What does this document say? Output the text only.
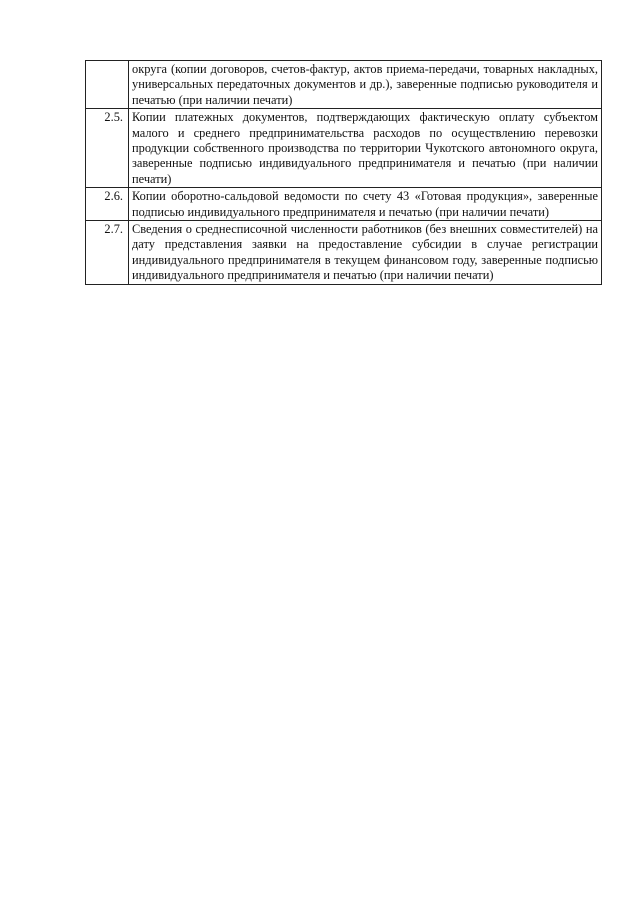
	округа (копии договоров, счетов-фактур, актов приема-передачи, товарных накладных, универсальных передаточных документов и др.), заверенные подписью руководителя и печатью (при наличии печати)
2.5.	Копии платежных документов, подтверждающих фактическую оплату субъектом малого и среднего предпринимательства расходов по осуществлению перевозки продукции собственного производства по территории Чукотского автономного округа, заверенные подписью индивидуального предпринимателя и печатью (при наличии печати)
2.6.	Копии оборотно-сальдовой ведомости по счету 43 «Готовая продукция», заверенные подписью индивидуального предпринимателя и печатью (при наличии печати)
2.7.	Сведения о среднесписочной численности работников (без внешних совместителей) на дату представления заявки на предоставление субсидии в случае регистрации индивидуального предпринимателя в текущем финансовом году, заверенные подписью индивидуального предпринимателя и печатью (при наличии печати)
